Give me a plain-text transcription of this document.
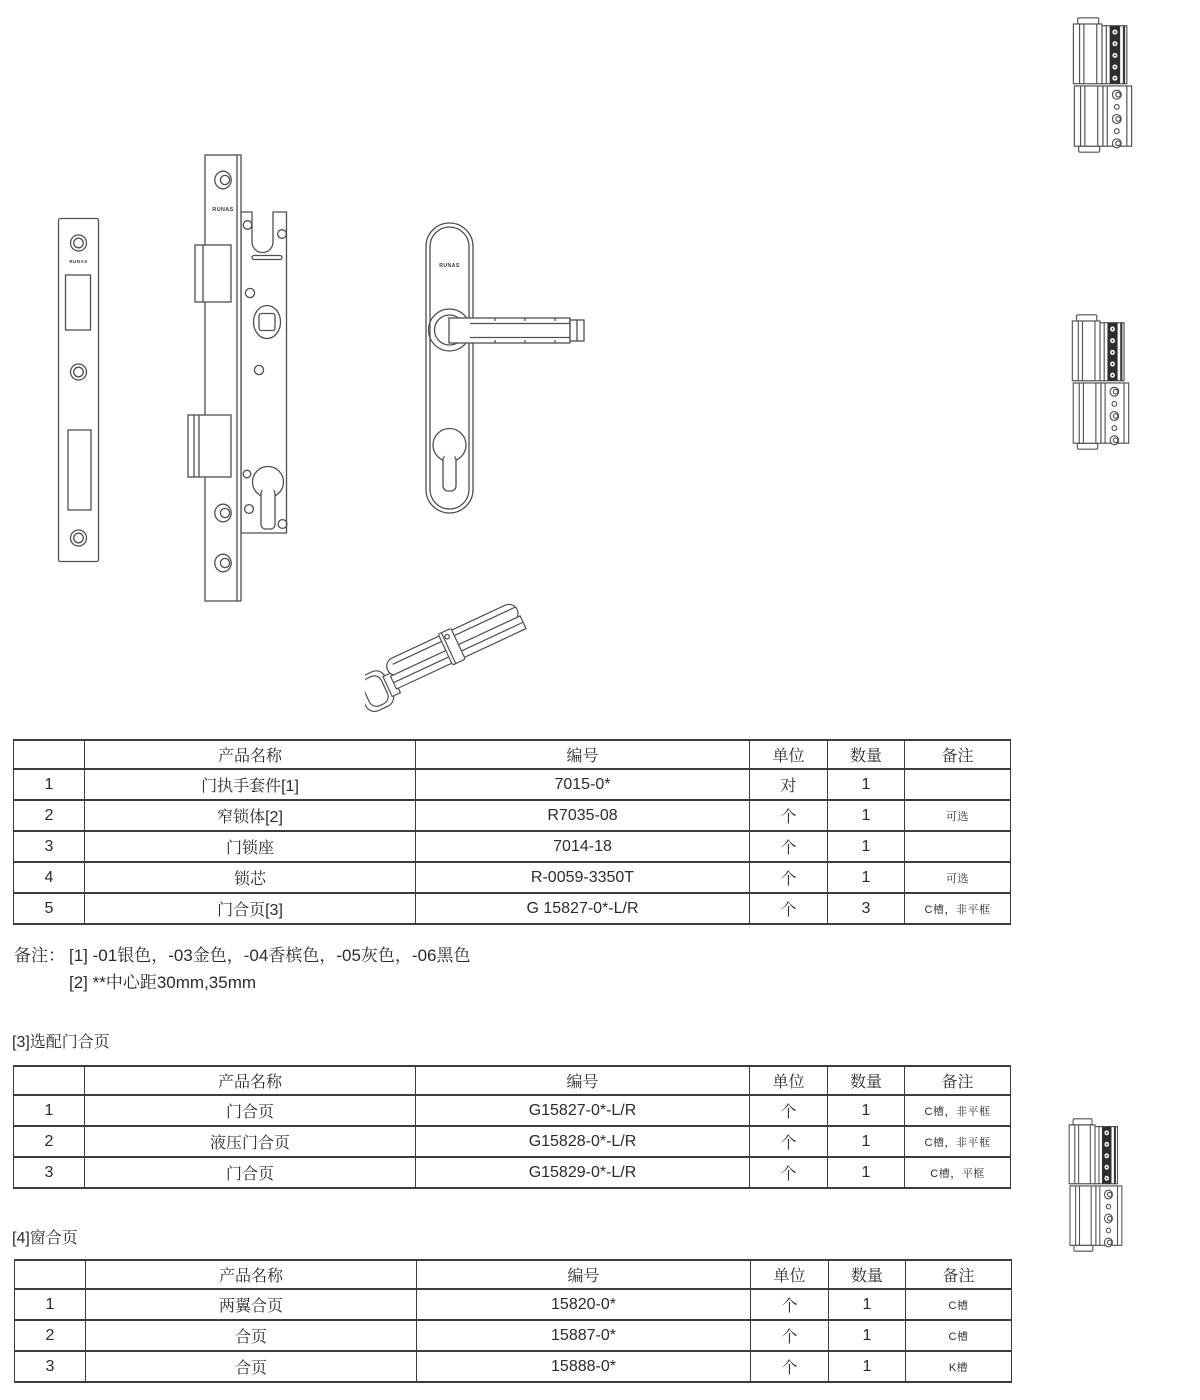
RUNAS
RUNAS
RUNAS
	产品名称	编号	单位	数量	备注
1	门执手套件[1]	7015-0*	对	1	
2	窄锁体[2]	R7035-08	个	1	可选
3	门锁座	7014-18	个	1	
4	锁芯	R-0059-3350T	个	1	可选
5	门合页[3]	G 15827-0*-L/R	个	3	C槽，非平框
备注： [1] -01银色，-03金色，-04香槟色，-05灰色，-06黑色
[2] **中心距30mm,35mm
[3]选配门合页
	产品名称	编号	单位	数量	备注
1	门合页	G15827-0*-L/R	个	1	C槽，非平框
2	液压门合页	G15828-0*-L/R	个	1	C槽，非平框
3	门合页	G15829-0*-L/R	个	1	C槽，平框
[4]窗合页
	产品名称	编号	单位	数量	备注
1	两翼合页	15820-0*	个	1	C槽
2	合页	15887-0*	个	1	C槽
3	合页	15888-0*	个	1	K槽
